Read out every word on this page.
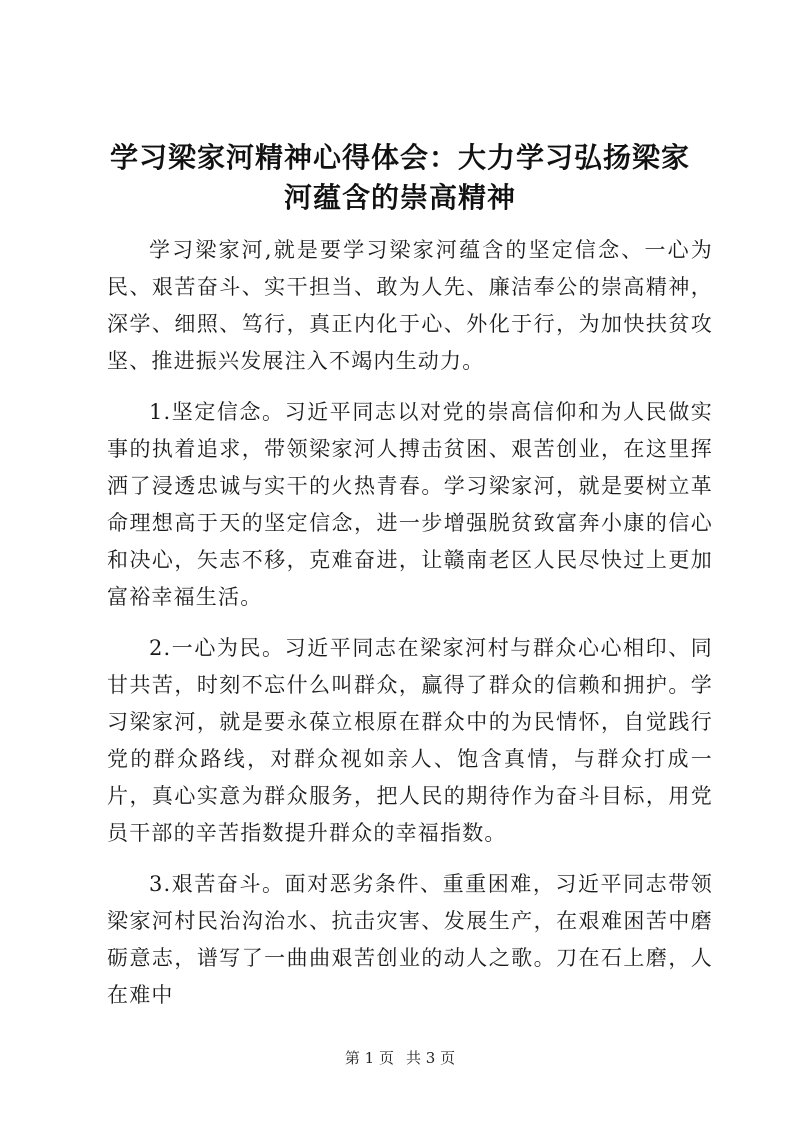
学习梁家河精神心得体会：大力学习弘扬梁家河蕴含的崇高精神

学习梁家河,就是要学习梁家河蕴含的坚定信念、一心为民、艰苦奋斗、实干担当、敢为人先、廉洁奉公的崇高精神，深学、细照、笃行，真正内化于心、外化于行，为加快扶贫攻坚、推进振兴发展注入不竭内生动力。

1.坚定信念。习近平同志以对党的崇高信仰和为人民做实事的执着追求，带领梁家河人搏击贫困、艰苦创业，在这里挥洒了浸透忠诚与实干的火热青春。学习梁家河，就是要树立革命理想高于天的坚定信念，进一步增强脱贫致富奔小康的信心和决心，矢志不移，克难奋进，让赣南老区人民尽快过上更加富裕幸福生活。

2.一心为民。习近平同志在梁家河村与群众心心相印、同甘共苦，时刻不忘什么叫群众，赢得了群众的信赖和拥护。学习梁家河，就是要永葆立根原在群众中的为民情怀，自觉践行党的群众路线，对群众视如亲人、饱含真情，与群众打成一片，真心实意为群众服务，把人民的期待作为奋斗目标，用党员干部的辛苦指数提升群众的幸福指数。

3.艰苦奋斗。面对恶劣条件、重重困难，习近平同志带领梁家河村民治沟治水、抗击灾害、发展生产，在艰难困苦中磨砺意志，谱写了一曲曲艰苦创业的动人之歌。刀在石上磨，人在难中

第 1 页 共 3 页
